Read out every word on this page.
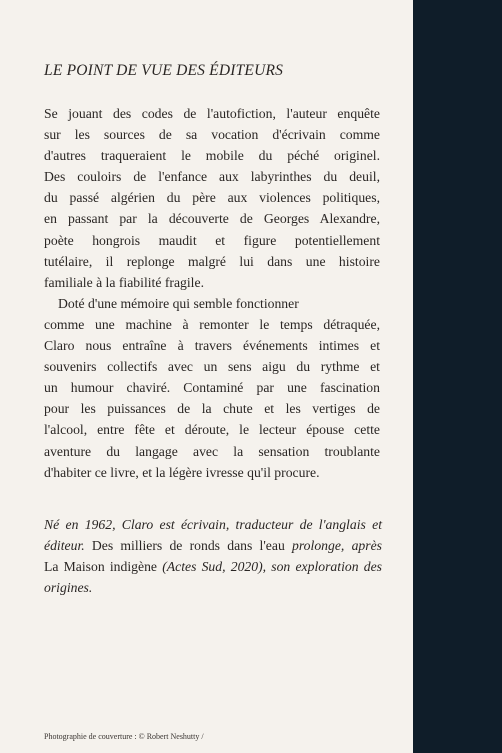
LE POINT DE VUE DES ÉDITEURS

Se jouant des codes de l'autofiction, l'auteur enquête
sur les sources de sa vocation d'écrivain comme
d'autres traqueraient le mobile du péché originel.
Des couloirs de l'enfance aux labyrinthes du deuil,
du passé algérien du père aux violences politiques,
en passant par la découverte de Georges Alexandre,
poète hongrois maudit et figure potentiellement
tutélaire, il replonge malgré lui dans une histoire
familiale à la fiabilité fragile.

Doté d'une mémoire qui semble fonctionner
comme une machine à remonter le temps détraquée,
Claro nous entraîne à travers événements intimes et
souvenirs collectifs avec un sens aigu du rythme et
un humour chaviré. Contaminé par une fascination
pour les puissances de la chute et les vertiges de
l'alcool, entre fête et déroute, le lecteur épouse cette
aventure du langage avec la sensation troublante
d'habiter ce livre, et la légère ivresse qu'il procure.

Né en 1962, Claro est écrivain, traducteur de l'anglais et
éditeur. Des milliers de ronds dans l'eau prolonge, après
La Maison indigène (Actes Sud, 2020), son exploration des
origines.
Photographie de couverture : © Robert Neshutty /
